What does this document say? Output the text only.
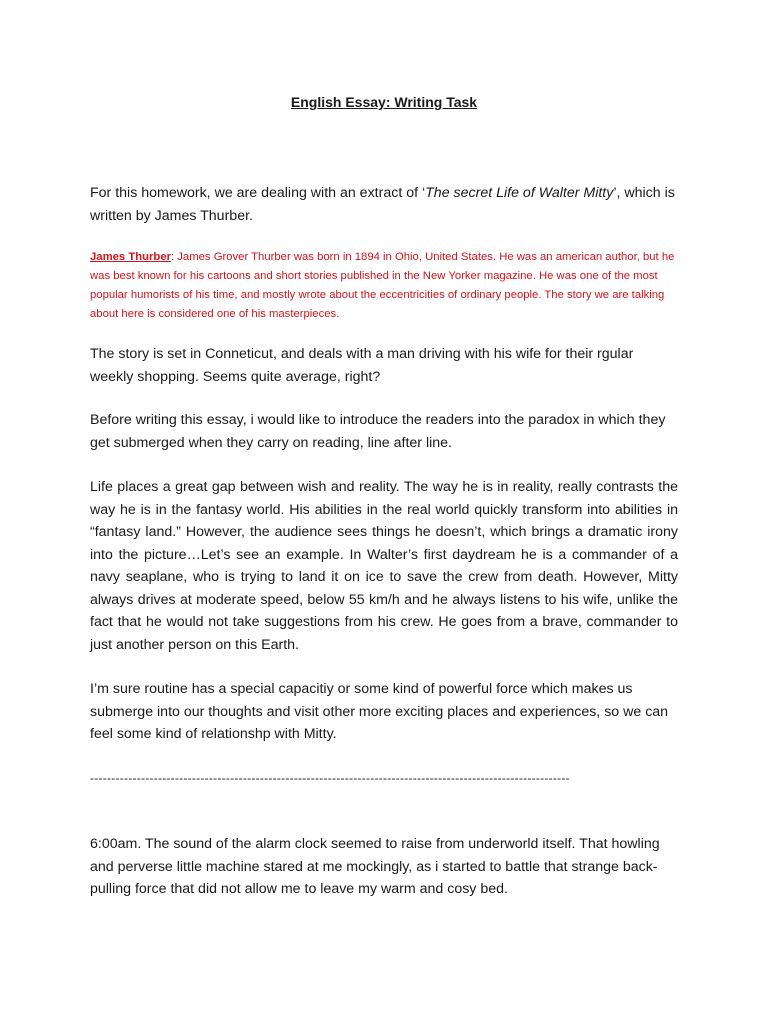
English Essay: Writing Task

For this homework, we are dealing with an extract of ‘The secret Life of Walter Mitty’, which is written by James Thurber.

James Thurber: James Grover Thurber was born in 1894 in Ohio, United States. He was an american author, but he was best known for his cartoons and short stories published in the New Yorker magazine. He was one of the most popular humorists of his time, and mostly wrote about the eccentricities of ordinary people. The story we are talking about here is considered one of his masterpieces.

The story is set in Conneticut, and deals with a man driving with his wife for their rgular weekly shopping. Seems quite average, right?

Before writing this essay, i would like to introduce the readers into the paradox in which they get submerged when they carry on reading, line after line.

Life places a great gap between wish and reality. The way he is in reality, really contrasts the way he is in the fantasy world. His abilities in the real world quickly transform into abilities in “fantasy land.” However, the audience sees things he doesn’t, which brings a dramatic irony into the picture…Let’s see an example. In Walter’s first daydream he is a commander of a navy seaplane, who is trying to land it on ice to save the crew from death. However, Mitty always drives at moderate speed, below 55 km/h and he always listens to his wife, unlike the fact that he would not take suggestions from his crew. He goes from a brave, commander to just another person on this Earth.

I’m sure routine has a special capacitiy or some kind of powerful force which makes us submerge into our thoughts and visit other more exciting places and experiences, so we can feel some kind of relationshp with Mitty.

-----------------------------------------------------------------------------------------------------------------

6:00am. The sound of the alarm clock seemed to raise from underworld itself. That howling and perverse little machine stared at me mockingly, as i started to battle that strange back-pulling force that did not allow me to leave my warm and cosy bed.
